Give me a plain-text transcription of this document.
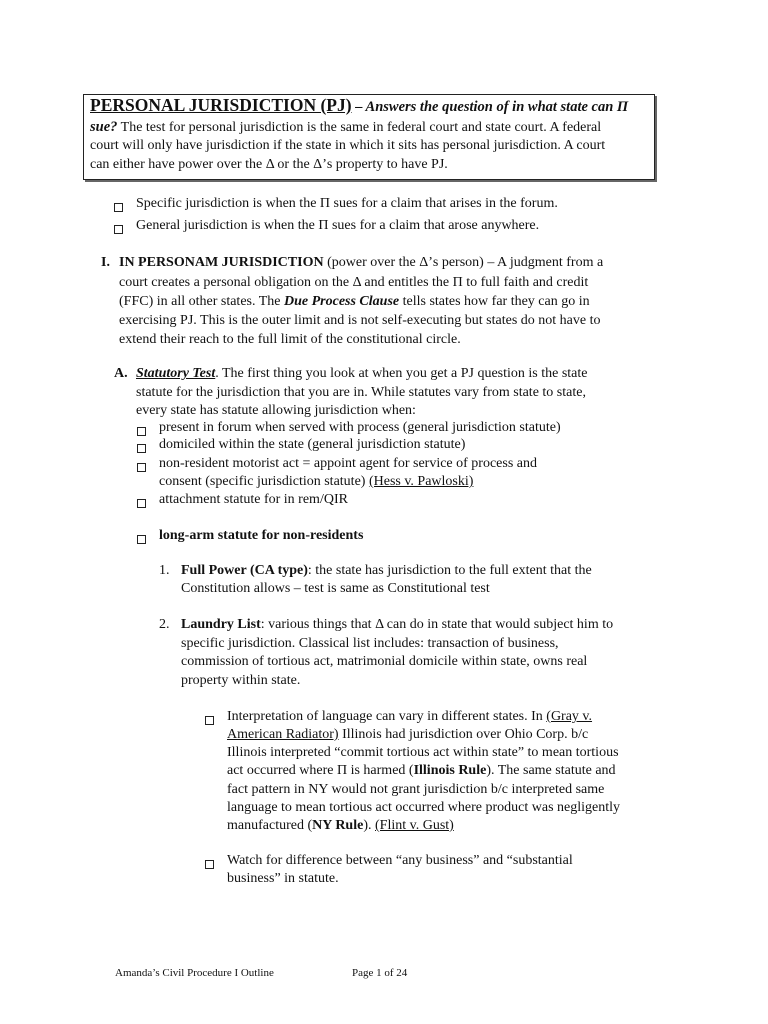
PERSONAL JURISDICTION (PJ) – Answers the question of in what state can Π

sue? The test for personal jurisdiction is the same in federal court and state court. A federal

court will only have jurisdiction if the state in which it sits has personal jurisdiction. A court

can either have power over the Δ or the Δ’s property to have PJ.

Specific jurisdiction is when the Π sues for a claim that arises in the forum.
General jurisdiction is when the Π sues for a claim that arose anywhere.
I. IN PERSONAM JURISDICTION (power over the Δ’s person) – A judgment from a
court creates a personal obligation on the Δ and entitles the Π to full faith and credit
(FFC) in all other states. The Due Process Clause tells states how far they can go in
exercising PJ. This is the outer limit and is not self-executing but states do not have to
extend their reach to the full limit of the constitutional circle.
A. Statutory Test. The first thing you look at when you get a PJ question is the state
statute for the jurisdiction that you are in. While statutes vary from state to state,
every state has statute allowing jurisdiction when:
present in forum when served with process (general jurisdiction statute)
domiciled within the state (general jurisdiction statute)
non-resident motorist act = appoint agent for service of process and
consent (specific jurisdiction statute) (Hess v. Pawloski)
attachment statute for in rem/QIR
long-arm statute for non-residents
1. Full Power (CA type): the state has jurisdiction to the full extent that the
Constitution allows – test is same as Constitutional test
2. Laundry List: various things that Δ can do in state that would subject him to
specific jurisdiction. Classical list includes: transaction of business,
commission of tortious act, matrimonial domicile within state, owns real
property within state.
Interpretation of language can vary in different states. In (Gray v.
American Radiator) Illinois had jurisdiction over Ohio Corp. b/c
Illinois interpreted “commit tortious act within state” to mean tortious
act occurred where Π is harmed (Illinois Rule). The same statute and
fact pattern in NY would not grant jurisdiction b/c interpreted same
language to mean tortious act occurred where product was negligently
manufactured (NY Rule). (Flint v. Gust)
Watch for difference between “any business” and “substantial
business” in statute.
Amanda’s Civil Procedure I Outline	Page 1 of 24
